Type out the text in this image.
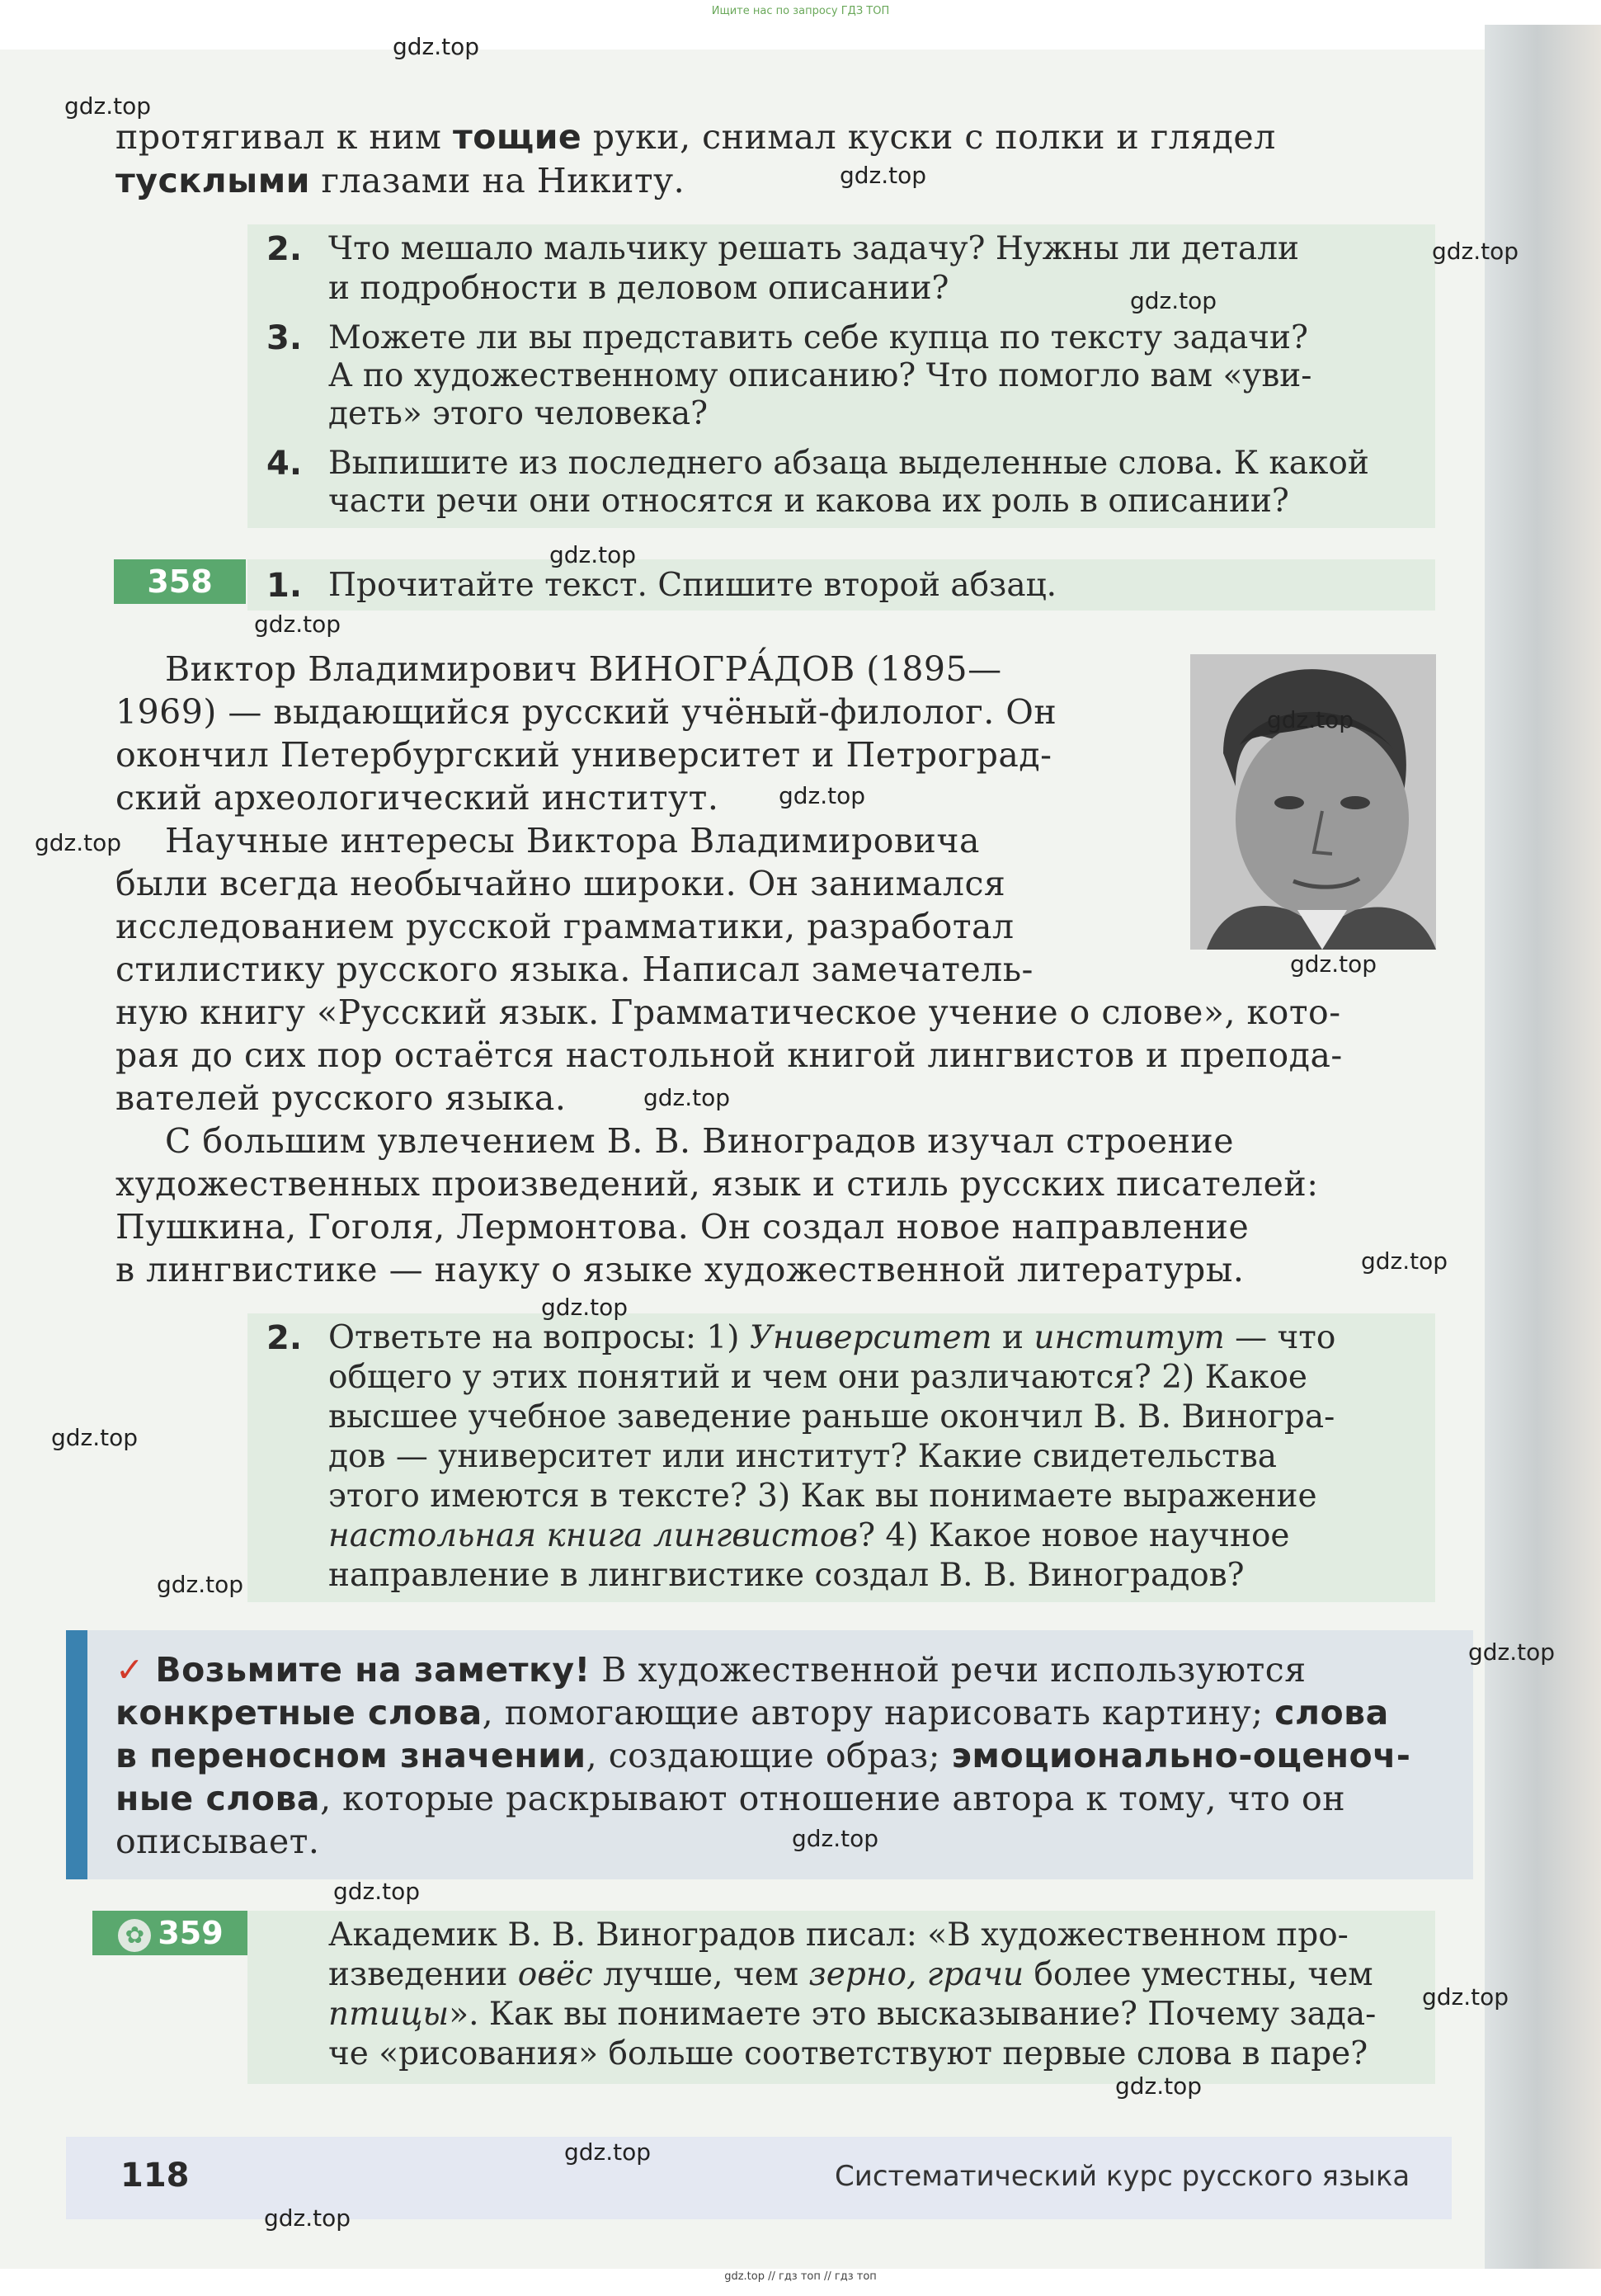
Ищите нас по запросу ГДЗ ТОП
протягивал к ним тощие руки, снимал куски с полки и глядел
тусклыми глазами на Никиту.
2. Что мешало мальчику решать задачу? Нужны ли детали
и подробности в деловом описании?
3. Можете ли вы представить себе купца по тексту задачи?
А по художественному описанию? Что помогло вам «уви-
деть» этого человека?
4. Выпишите из последнего абзаца выделенные слова. К какой
части речи они относятся и какова их роль в описании?
358	1. Прочитайте текст. Спишите второй абзац.
Виктор Владимирович ВИНОГРА́ДОВ (1895—
1969) — выдающийся русский учёный-филолог. Он
окончил Петербургский университет и Петроград-
ский археологический институт.
Научные интересы Виктора Владимировича
были всегда необычайно широки. Он занимался
исследованием русской грамматики, разработал
стилистику русского языка. Написал замечатель-
ную книгу «Русский язык. Грамматическое учение о слове», кото-
рая до сих пор остаётся настольной книгой лингвистов и препода-
вателей русского языка.
С большим увлечением В. В. Виноградов изучал строение
художественных произведений, язык и стиль русских писателей:
Пушкина, Гоголя, Лермонтова. Он создал новое направление
в лингвистике — науку о языке художественной литературы.
2. Ответьте на вопросы: 1) Университет и институт — что
общего у этих понятий и чем они различаются? 2) Какое
высшее учебное заведение раньше окончил В. В. Виногра-
дов — университет или институт? Какие свидетельства
этого имеются в тексте? 3) Как вы понимаете выражение
настольная книга лингвистов? 4) Какое новое научное
направление в лингвистике создал В. В. Виноградов?
✓ Возьмите на заметку! В художественной речи используются
конкретные слова, помогающие автору нарисовать картину; слова
в переносном значении, создающие образ; эмоционально-оценоч-
ные слова, которые раскрывают отношение автора к тому, что он
описывает.
✿ 359	Академик В. В. Виноградов писал: «В художественном про-
изведении овёс лучше, чем зерно, грачи более уместны, чем
птицы». Как вы понимаете это высказывание? Почему зада-
че «рисования» больше соответствуют первые слова в паре?
118	Систематический курс русского языка
gdz.top
gdz.top
gdz.top
gdz.top
gdz.top
gdz.top
gdz.top
gdz.top
gdz.top
gdz.top
gdz.top
gdz.top
gdz.top
gdz.top
gdz.top
gdz.top
gdz.top
gdz.top
gdz.top
gdz.top
gdz.top
gdz.top
gdz.top
gdz.top // гдз топ // гдз топ
